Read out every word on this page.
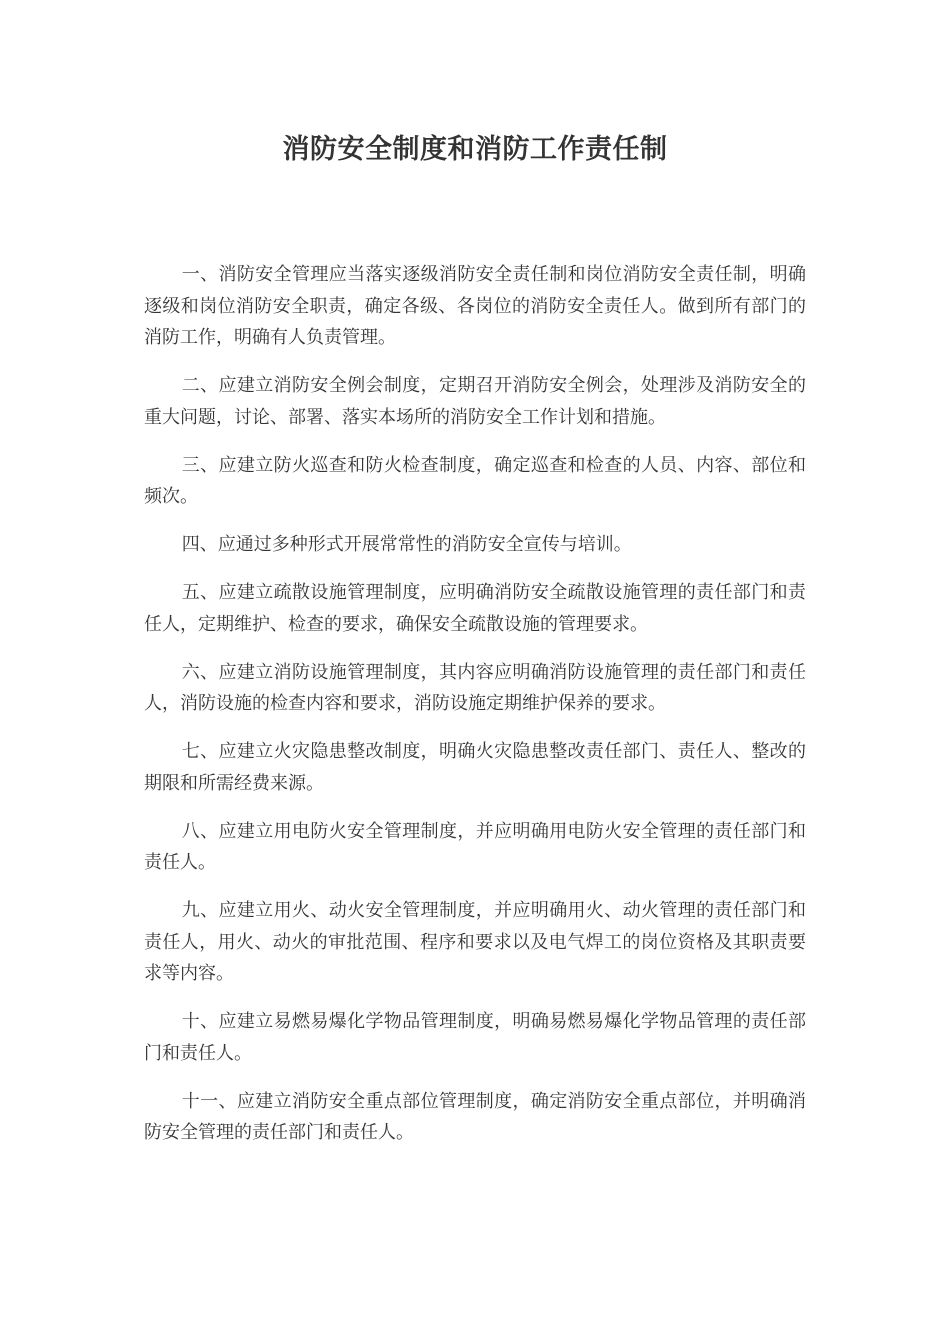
消防安全制度和消防工作责任制

一、消防安全管理应当落实逐级消防安全责任制和岗位消防安全责任制，明确逐级和岗位消防安全职责，确定各级、各岗位的消防安全责任人。做到所有部门的消防工作，明确有人负责管理。

二、应建立消防安全例会制度，定期召开消防安全例会，处理涉及消防安全的重大问题，讨论、部署、落实本场所的消防安全工作计划和措施。

三、应建立防火巡查和防火检查制度，确定巡查和检查的人员、内容、部位和频次。

四、应通过多种形式开展常常性的消防安全宣传与培训。

五、应建立疏散设施管理制度，应明确消防安全疏散设施管理的责任部门和责任人，定期维护、检查的要求，确保安全疏散设施的管理要求。

六、应建立消防设施管理制度，其内容应明确消防设施管理的责任部门和责任人，消防设施的检查内容和要求，消防设施定期维护保养的要求。

七、应建立火灾隐患整改制度，明确火灾隐患整改责任部门、责任人、整改的期限和所需经费来源。

八、应建立用电防火安全管理制度，并应明确用电防火安全管理的责任部门和责任人。

九、应建立用火、动火安全管理制度，并应明确用火、动火管理的责任部门和责任人，用火、动火的审批范围、程序和要求以及电气焊工的岗位资格及其职责要求等内容。

十、应建立易燃易爆化学物品管理制度，明确易燃易爆化学物品管理的责任部门和责任人。

十一、应建立消防安全重点部位管理制度，确定消防安全重点部位，并明确消防安全管理的责任部门和责任人。
